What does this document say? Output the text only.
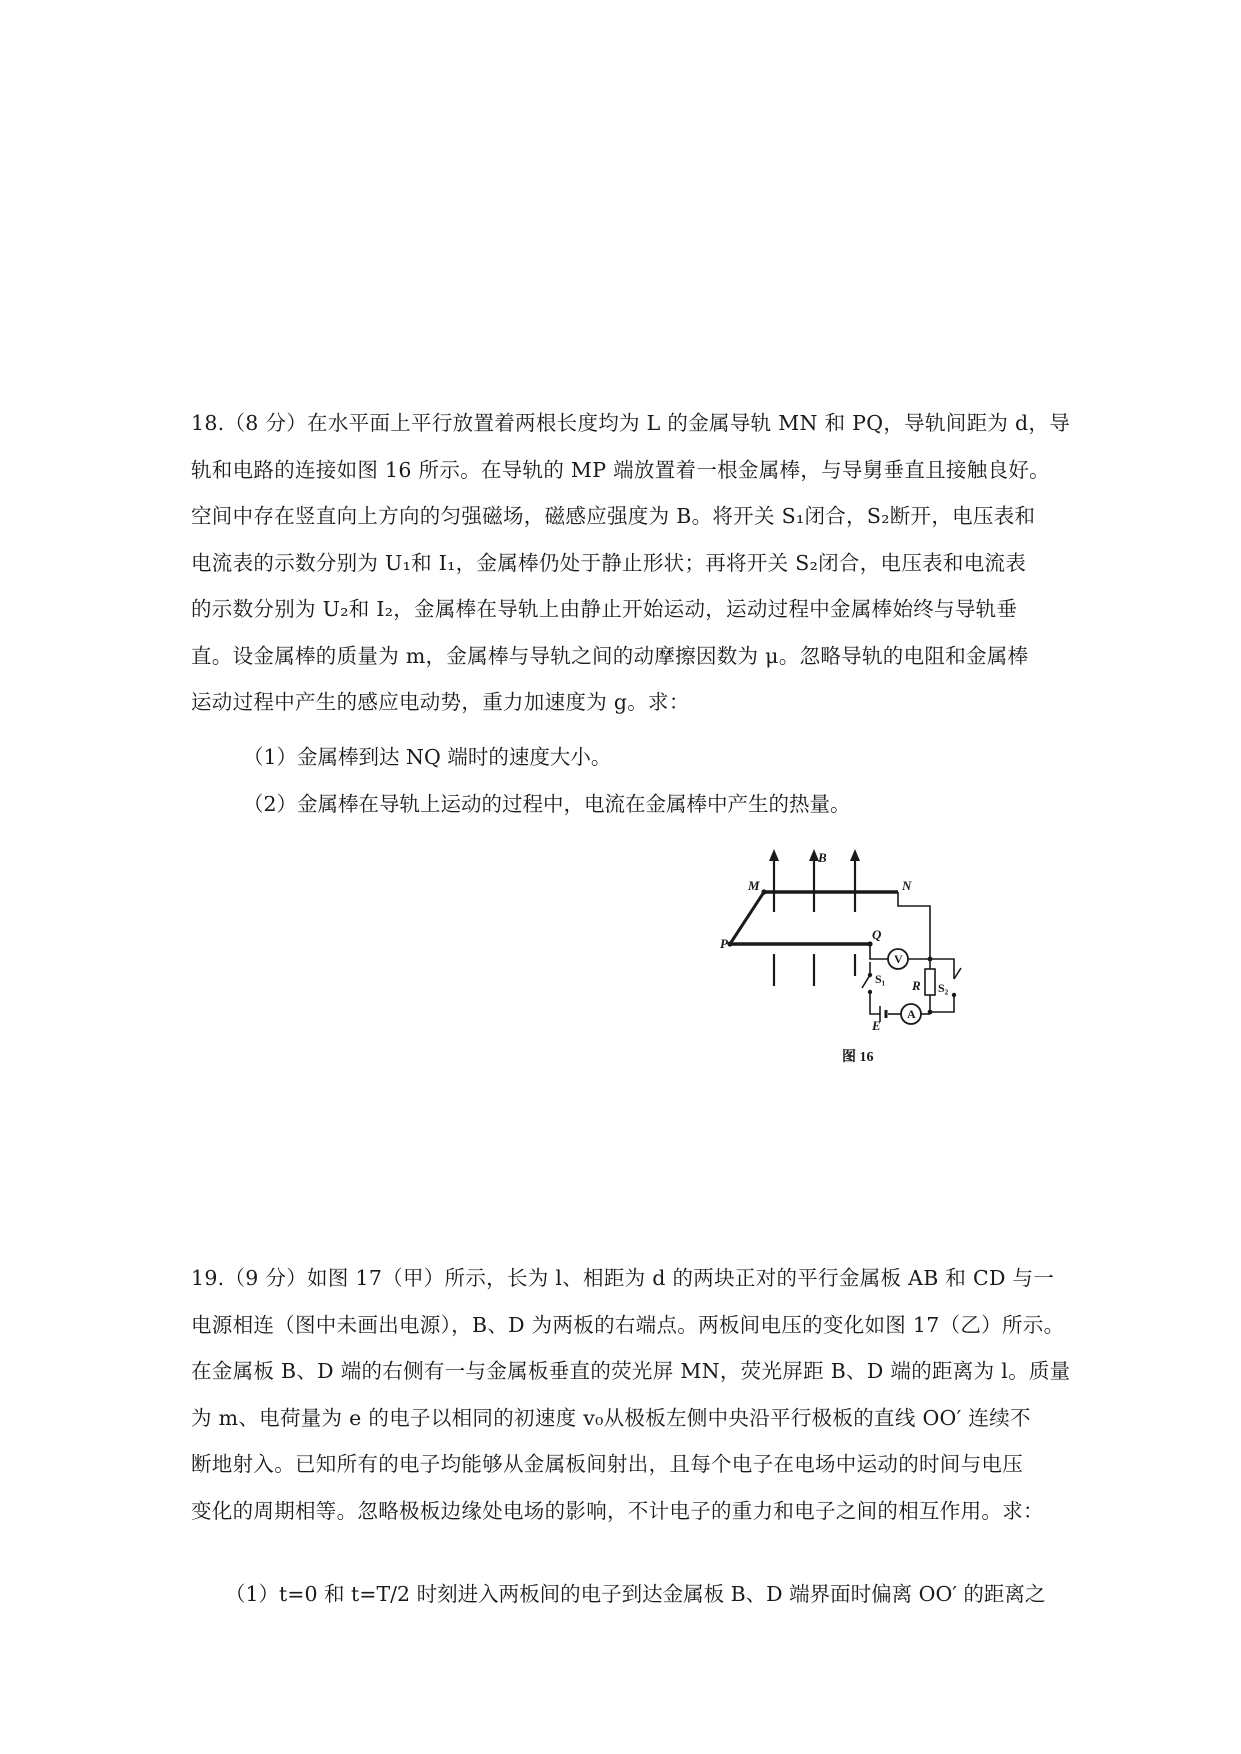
18.（8 分）在水平面上平行放置着两根长度均为 L 的金属导轨 MN 和 PQ，导轨间距为 d，导
轨和电路的连接如图 16 所示。在导轨的 MP 端放置着一根金属棒，与导舅垂直且接触良好。
空间中存在竖直向上方向的匀强磁场，磁感应强度为 B。将开关 S₁闭合，S₂断开，电压表和
电流表的示数分别为 U₁和 I₁，金属棒仍处于静止形状；再将开关 S₂闭合，电压表和电流表
的示数分别为 U₂和 I₂，金属棒在导轨上由静止开始运动，运动过程中金属棒始终与导轨垂
直。设金属棒的质量为 m，金属棒与导轨之间的动摩擦因数为 μ。忽略导轨的电阻和金属棒
运动过程中产生的感应电动势，重力加速度为 g。求：
（1）金属棒到达 NQ 端时的速度大小。
（2）金属棒在导轨上运动的过程中，电流在金属棒中产生的热量。
M
B
N
P
Q
R
E
V
A
S₁
S₂
图 16
19.（9 分）如图 17（甲）所示，长为 l、相距为 d 的两块正对的平行金属板 AB 和 CD 与一
电源相连（图中未画出电源），B、D 为两板的右端点。两板间电压的变化如图 17（乙）所示。
在金属板 B、D 端的右侧有一与金属板垂直的荧光屏 MN，荧光屏距 B、D 端的距离为 l。质量
为 m、电荷量为 e 的电子以相同的初速度 v₀从极板左侧中央沿平行极板的直线 OO′ 连续不
断地射入。已知所有的电子均能够从金属板间射出，且每个电子在电场中运动的时间与电压
变化的周期相等。忽略极板边缘处电场的影响，不计电子的重力和电子之间的相互作用。求：
（1）t=0 和 t=T/2 时刻进入两板间的电子到达金属板 B、D 端界面时偏离 OO′ 的距离之
